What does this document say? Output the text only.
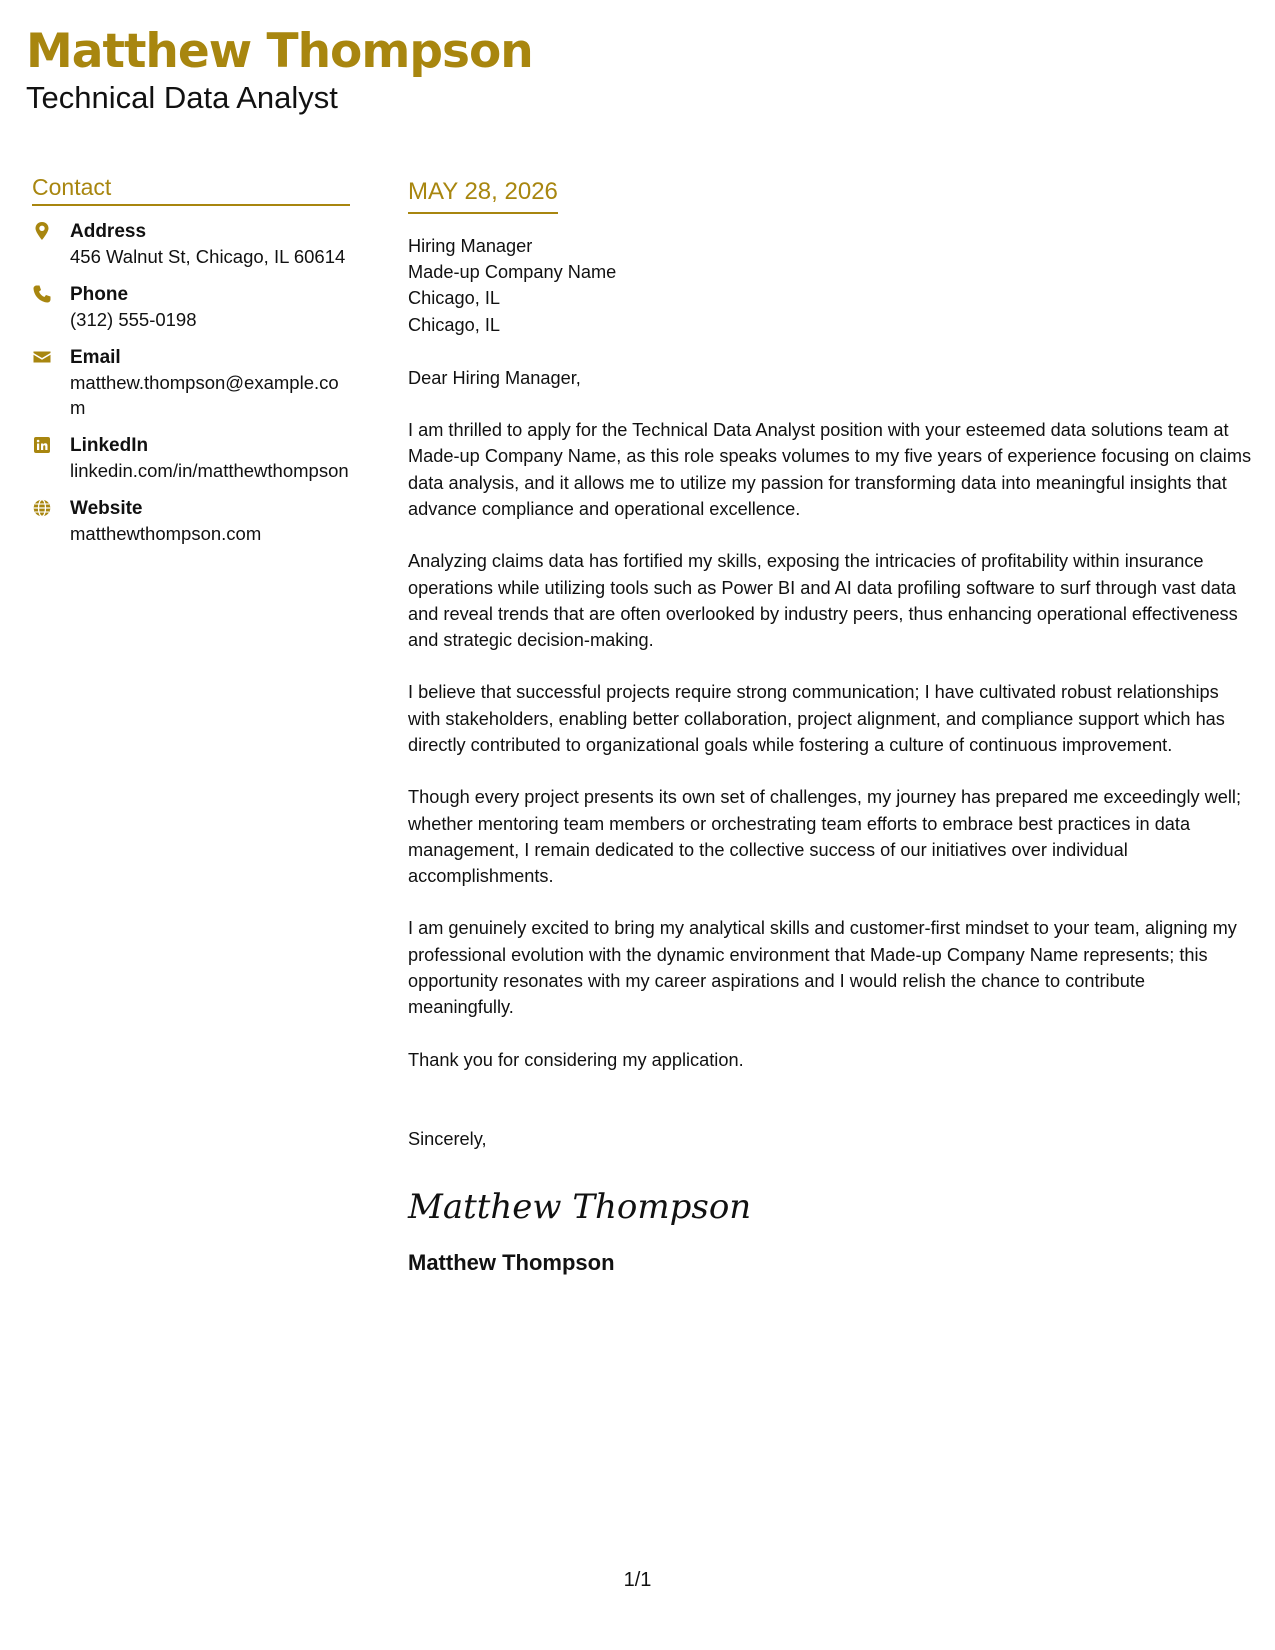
Matthew Thompson
Technical Data Analyst
Contact
Address
456 Walnut St, Chicago, IL 60614
Phone
(312) 555-0198
Email
matthew.thompson@example.com
LinkedIn
linkedin.com/in/matthewthompson
Website
matthewthompson.com
MAY 28, 2026
Hiring Manager
Made-up Company Name
Chicago, IL
Chicago, IL
Dear Hiring Manager,
I am thrilled to apply for the Technical Data Analyst position with your esteemed data solutions team at Made-up Company Name, as this role speaks volumes to my five years of experience focusing on claims data analysis, and it allows me to utilize my passion for transforming data into meaningful insights that advance compliance and operational excellence.
Analyzing claims data has fortified my skills, exposing the intricacies of profitability within insurance operations while utilizing tools such as Power BI and AI data profiling software to surf through vast data and reveal trends that are often overlooked by industry peers, thus enhancing operational effectiveness and strategic decision-making.
I believe that successful projects require strong communication; I have cultivated robust relationships with stakeholders, enabling better collaboration, project alignment, and compliance support which has directly contributed to organizational goals while fostering a culture of continuous improvement.
Though every project presents its own set of challenges, my journey has prepared me exceedingly well; whether mentoring team members or orchestrating team efforts to embrace best practices in data management, I remain dedicated to the collective success of our initiatives over individual accomplishments.
I am genuinely excited to bring my analytical skills and customer-first mindset to your team, aligning my professional evolution with the dynamic environment that Made-up Company Name represents; this opportunity resonates with my career aspirations and I would relish the chance to contribute meaningfully.
Thank you for considering my application.
Sincerely,
Matthew Thompson
Matthew Thompson
1/1
